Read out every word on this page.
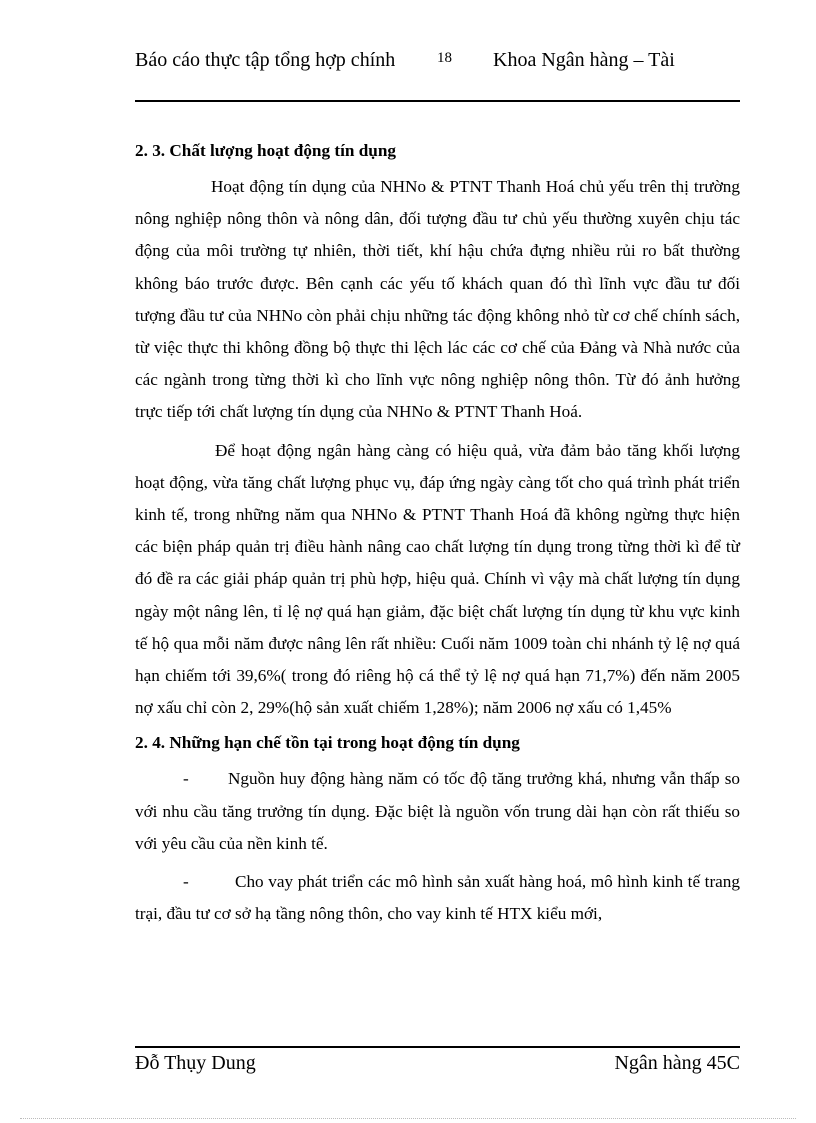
Báo cáo thực tập tổng hợp chính	18 Khoa Ngân hàng – Tài
2. 3. Chất lượng hoạt động tín dụng

Hoạt động tín dụng của NHNo & PTNT Thanh Hoá chủ yếu trên thị trường nông nghiệp nông thôn và nông dân, đối tượng đầu tư chủ yếu thường xuyên chịu tác động của môi trường tự nhiên, thời tiết, khí hậu chứa đựng nhiều rủi ro bất thường không báo trước được. Bên cạnh các yếu tố khách quan đó thì lĩnh vực đầu tư đối tượng đầu tư của NHNo còn phải chịu những tác động không nhỏ từ cơ chế chính sách, từ việc thực thi không đồng bộ thực thi lệch lác các cơ chế của Đảng và Nhà nước của các ngành trong từng thời kì cho lĩnh vực nông nghiệp nông thôn. Từ đó ảnh hưởng trực tiếp tới chất lượng tín dụng của NHNo & PTNT Thanh Hoá.

Để hoạt động ngân hàng càng có hiệu quả, vừa đảm bảo tăng khối lượng hoạt động, vừa tăng chất lượng phục vụ, đáp ứng ngày càng tốt cho quá trình phát triển kinh tế, trong những năm qua NHNo & PTNT Thanh Hoá đã không ngừng thực hiện các biện pháp quản trị điều hành nâng cao chất lượng tín dụng trong từng thời kì để từ đó đề ra các giải pháp quản trị phù hợp, hiệu quả. Chính vì vậy mà chất lượng tín dụng ngày một nâng lên, tỉ lệ nợ quá hạn giảm, đặc biệt chất lượng tín dụng từ khu vực kinh tế hộ qua mỗi năm được nâng lên rất nhiều: Cuối năm 1009 toàn chi nhánh tỷ lệ nợ quá hạn chiếm tới 39,6%( trong đó riêng hộ cá thể tỷ lệ nợ quá hạn 71,7%) đến năm 2005 nợ xấu chỉ còn 2, 29%(hộ sản xuất chiếm 1,28%); năm 2006 nợ xấu có 1,45%

2. 4. Những hạn chế tồn tại trong hoạt động tín dụng

- Nguồn huy động hàng năm có tốc độ tăng trưởng khá, nhưng vẫn thấp so với nhu cầu tăng trưởng tín dụng. Đặc biệt là nguồn vốn trung dài hạn còn rất thiếu so với yêu cầu của nền kinh tế.

-	Cho vay phát triển các mô hình sản xuất hàng hoá, mô hình kinh tế trang trại, đầu tư cơ sở hạ tầng nông thôn, cho vay kinh tế HTX kiểu mới,

Đỗ Thụy Dung	Ngân hàng 45C
